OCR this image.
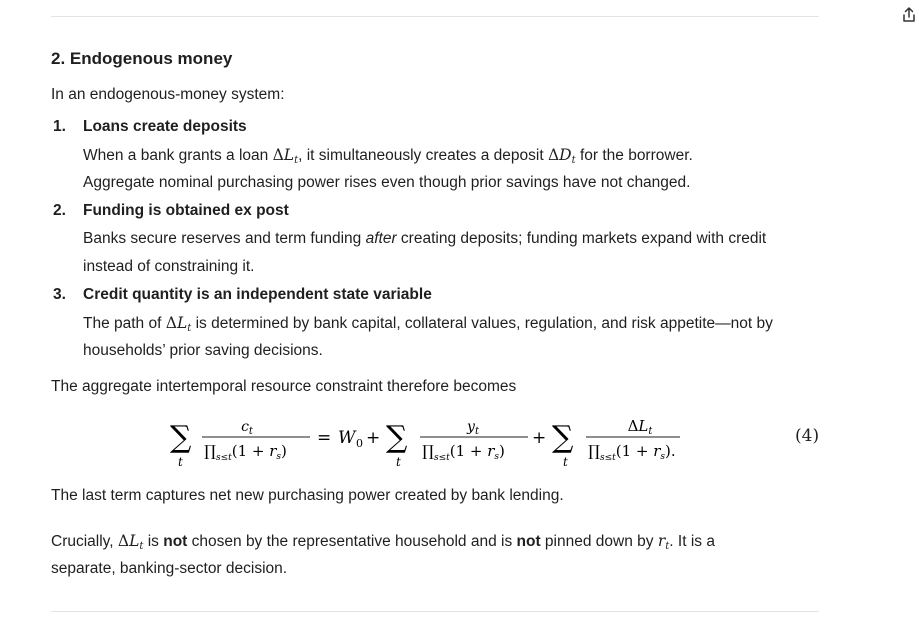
2. Endogenous money

In an endogenous-money system:

1. Loans create deposits
When a bank grants a loan $\Delta L_t$, it simultaneously creates a deposit $\Delta D_t$ for the borrower.
Aggregate nominal purchasing power rises even though prior savings have not changed.
2. Funding is obtained ex post
Banks secure reserves and term funding after creating deposits; funding markets expand with credit
instead of constraining it.
3. Credit quantity is an independent state variable
The path of $\Delta L_t$ is determined by bank capital, collateral values, regulation, and risk appetite—not by
households’ prior saving decisions.

The aggregate intertemporal resource constraint therefore becomes

The last term captures net new purchasing power created by bank lending.

Crucially, $\Delta L_t$ is not chosen by the representative household and is not pinned down by $r_t$. It is a

separate, banking-sector decision.

∑
t
$c_t$
$\prod_{s\le t}(1 + r_s)$
= W 0 + ∑
t
$y_t$
$\prod_{s\le t}(1 + r_s)$
+ ∑
t
$\Delta L_t$
$\prod_{s\le t}(1 + r_s)$.
(4)
